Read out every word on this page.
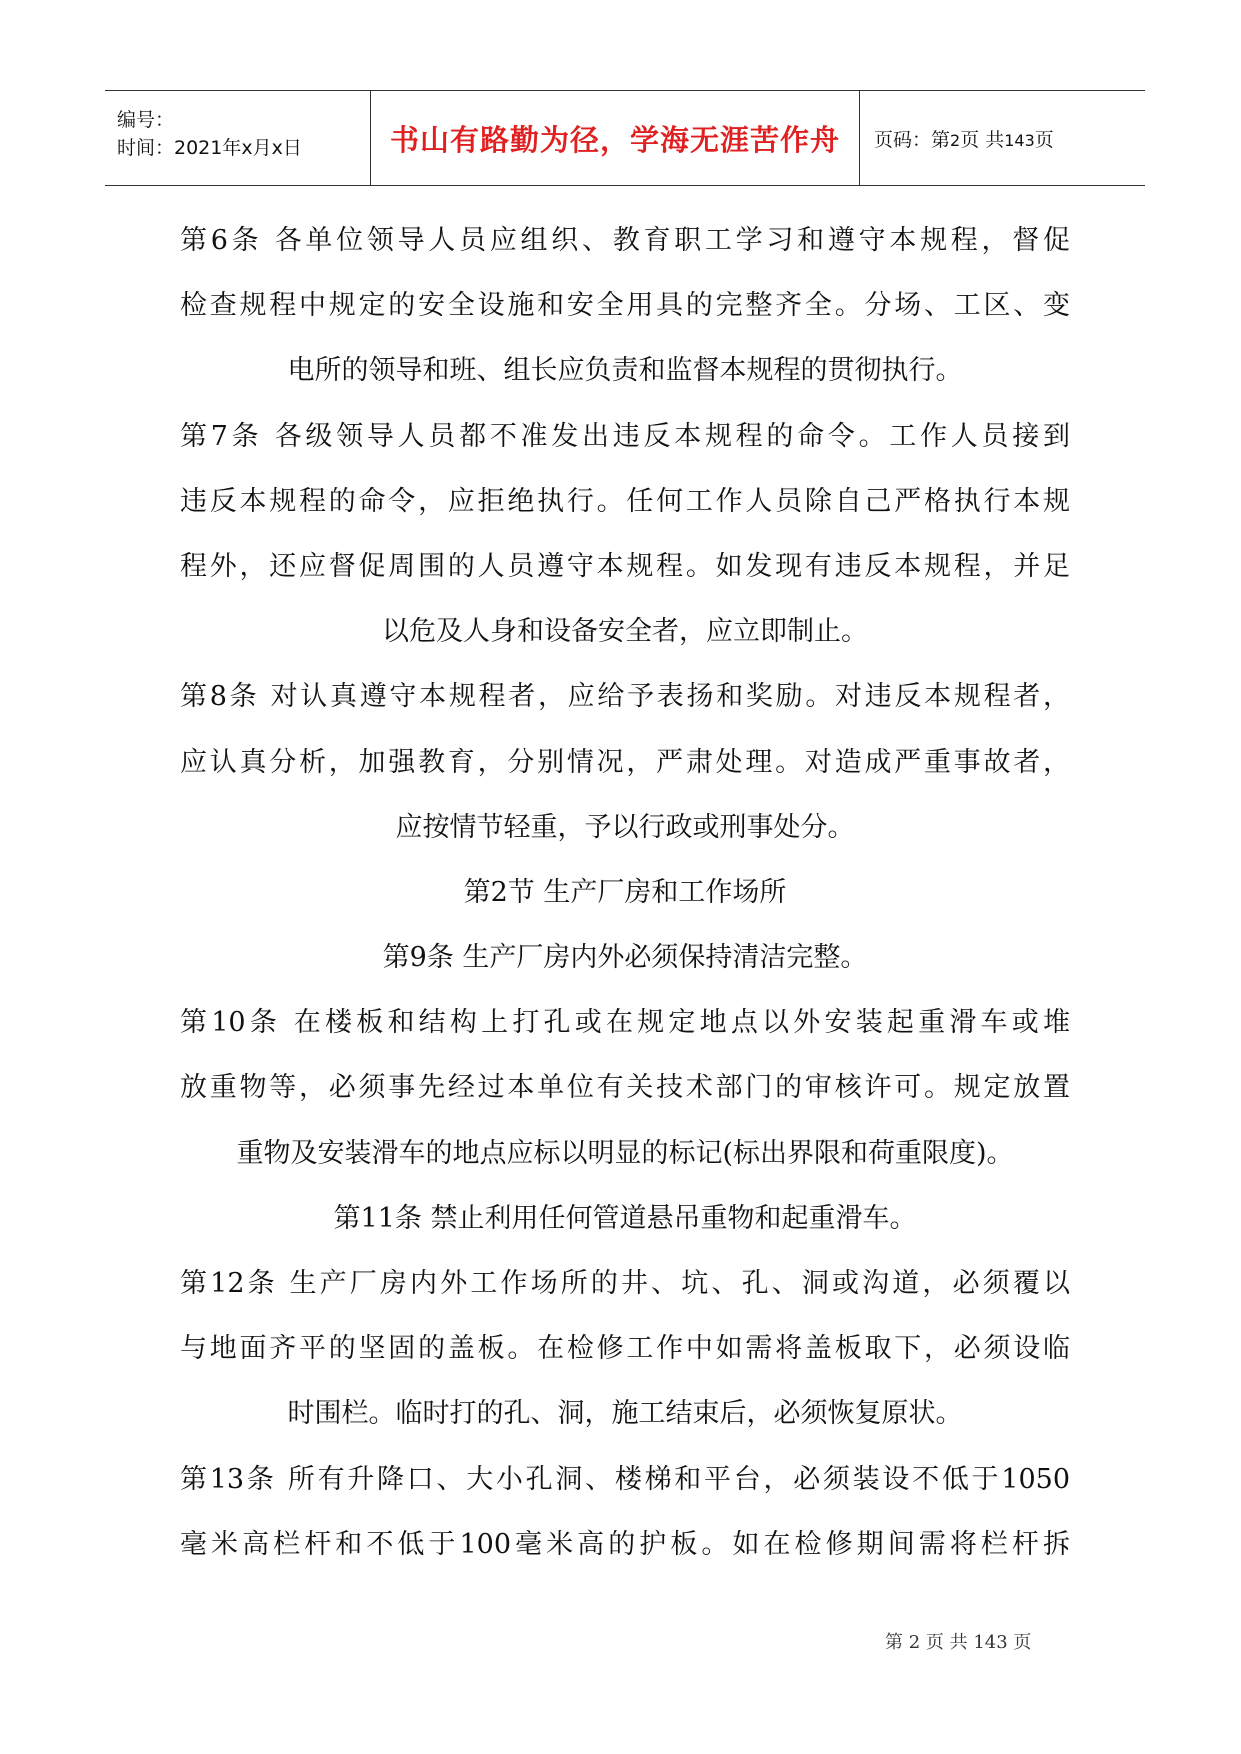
编号：
时间：2021年x月x日	书山有路勤为径，学海无涯苦作舟 页码：第2页 共143页
第6条 各单位领导人员应组织、教育职工学习和遵守本规程，督促
检查规程中规定的安全设施和安全用具的完整齐全。分场、工区、变
电所的领导和班、组长应负责和监督本规程的贯彻执行。
第7条 各级领导人员都不准发出违反本规程的命令。工作人员接到
违反本规程的命令，应拒绝执行。任何工作人员除自己严格执行本规
程外，还应督促周围的人员遵守本规程。如发现有违反本规程，并足
以危及人身和设备安全者，应立即制止。
第8条 对认真遵守本规程者，应给予表扬和奖励。对违反本规程者，
应认真分析，加强教育，分别情况，严肃处理。对造成严重事故者，
应按情节轻重，予以行政或刑事处分。
第2节 生产厂房和工作场所
第9条 生产厂房内外必须保持清洁完整。
第10条 在楼板和结构上打孔或在规定地点以外安装起重滑车或堆
放重物等，必须事先经过本单位有关技术部门的审核许可。规定放置
重物及安装滑车的地点应标以明显的标记(标出界限和荷重限度)。
第11条 禁止利用任何管道悬吊重物和起重滑车。
第12条 生产厂房内外工作场所的井、坑、孔、洞或沟道，必须覆以
与地面齐平的坚固的盖板。在检修工作中如需将盖板取下，必须设临
时围栏。临时打的孔、洞，施工结束后，必须恢复原状。
第13条 所有升降口、大小孔洞、楼梯和平台，必须装设不低于1050
毫米高栏杆和不低于100毫米高的护板。如在检修期间需将栏杆拆
第 2 页 共 143 页
